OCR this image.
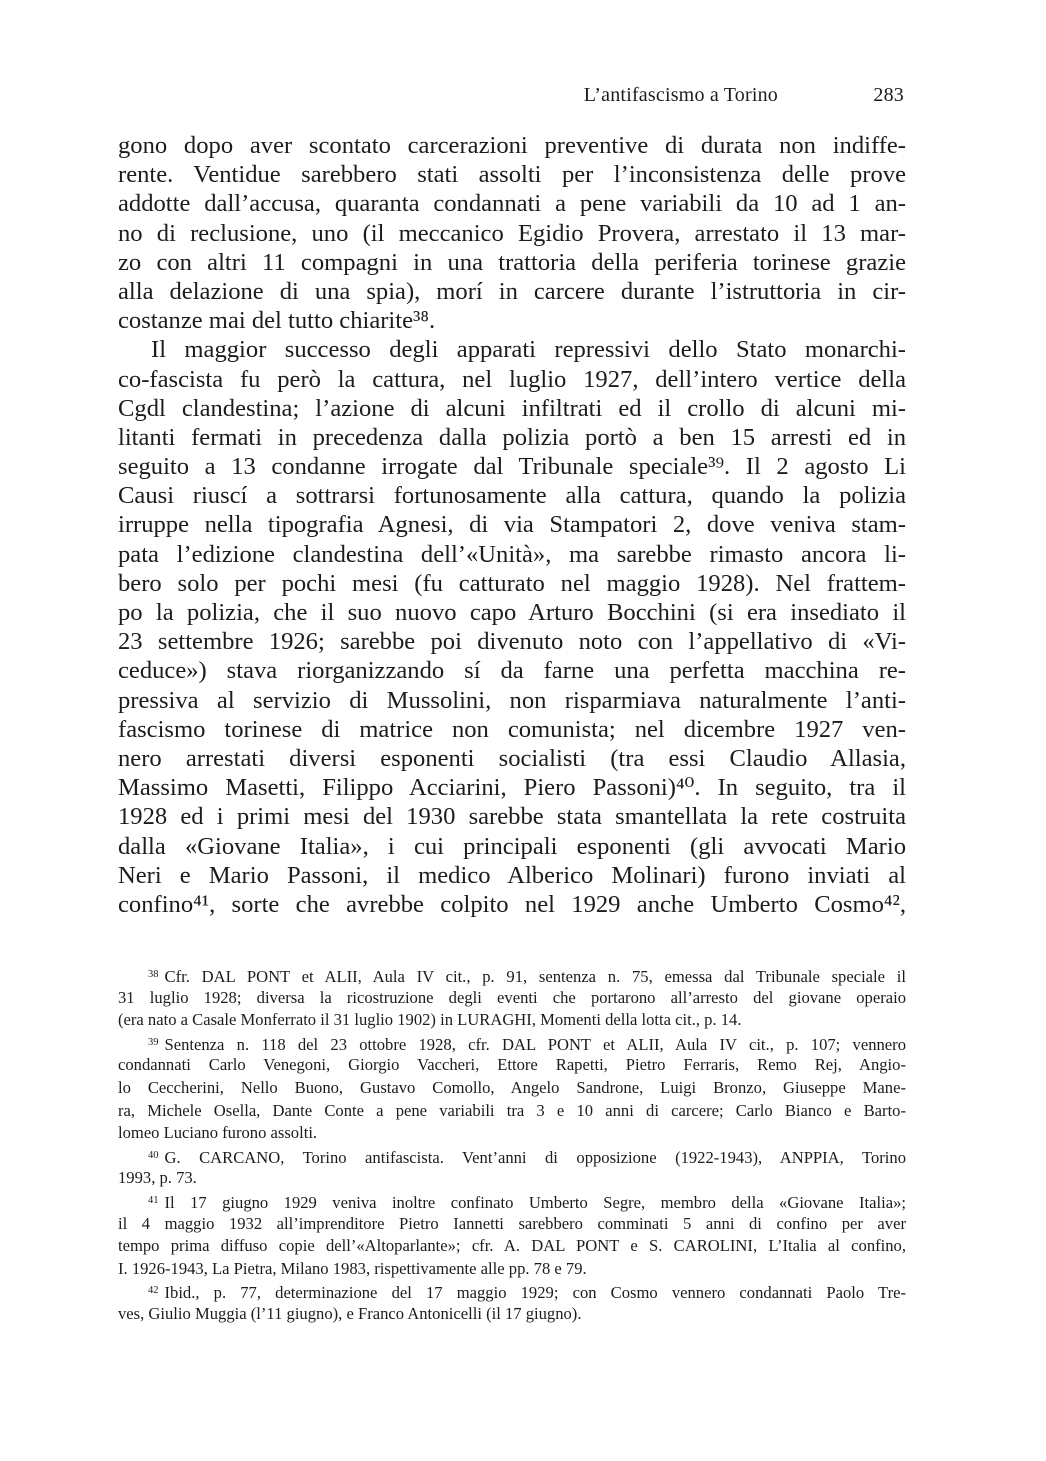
L’antifascismo a Torino	283
gono dopo aver scontato carcerazioni preventive di durata non indiffe-
rente. Ventidue sarebbero stati assolti per l’inconsistenza delle prove
addotte dall’accusa, quaranta condannati a pene variabili da 10 ad 1 an-
no di reclusione, uno (il meccanico Egidio Provera, arrestato il 13 mar-
zo con altri 11 compagni in una trattoria della periferia torinese grazie
alla delazione di una spia), morí in carcere durante l’istruttoria in cir-
costanze mai del tutto chiarite³⁸.
Il maggior successo degli apparati repressivi dello Stato monarchi-
co-fascista fu però la cattura, nel luglio 1927, dell’intero vertice della
Cgdl clandestina; l’azione di alcuni infiltrati ed il crollo di alcuni mi-
litanti fermati in precedenza dalla polizia portò a ben 15 arresti ed in
seguito a 13 condanne irrogate dal Tribunale speciale³⁹. Il 2 agosto Li
Causi riuscí a sottrarsi fortunosamente alla cattura, quando la polizia
irruppe nella tipografia Agnesi, di via Stampatori 2, dove veniva stam-
pata l’edizione clandestina dell’«Unità», ma sarebbe rimasto ancora li-
bero solo per pochi mesi (fu catturato nel maggio 1928). Nel frattem-
po la polizia, che il suo nuovo capo Arturo Bocchini (si era insediato il
23 settembre 1926; sarebbe poi divenuto noto con l’appellativo di «Vi-
ceduce») stava riorganizzando sí da farne una perfetta macchina re-
pressiva al servizio di Mussolini, non risparmiava naturalmente l’anti-
fascismo torinese di matrice non comunista; nel dicembre 1927 ven-
nero arrestati diversi esponenti socialisti (tra essi Claudio Allasia,
Massimo Masetti, Filippo Acciarini, Piero Passoni)⁴⁰. In seguito, tra il
1928 ed i primi mesi del 1930 sarebbe stata smantellata la rete costruita
dalla «Giovane Italia», i cui principali esponenti (gli avvocati Mario
Neri e Mario Passoni, il medico Alberico Molinari) furono inviati al
confino⁴¹, sorte che avrebbe colpito nel 1929 anche Umberto Cosmo⁴²,
$^{38}$ Cfr. DAL PONT et ALII, Aula IV cit., p. 91, sentenza n. 75, emessa dal Tribunale speciale il
31 luglio 1928; diversa la ricostruzione degli eventi che portarono all’arresto del giovane operaio
(era nato a Casale Monferrato il 31 luglio 1902) in LURAGHI, Momenti della lotta cit., p. 14.
$^{39}$ Sentenza n. 118 del 23 ottobre 1928, cfr. DAL PONT et ALII, Aula IV cit., p. 107; vennero
condannati Carlo Venegoni, Giorgio Vaccheri, Ettore Rapetti, Pietro Ferraris, Remo Rej, Angio-
lo Ceccherini, Nello Buono, Gustavo Comollo, Angelo Sandrone, Luigi Bronzo, Giuseppe Mane-
ra, Michele Osella, Dante Conte a pene variabili tra 3 e 10 anni di carcere; Carlo Bianco e Barto-
lomeo Luciano furono assolti.
$^{40}$ G. CARCANO, Torino antifascista. Vent’anni di opposizione (1922-1943), ANPPIA, Torino
1993, p. 73.
$^{41}$ Il 17 giugno 1929 veniva inoltre confinato Umberto Segre, membro della «Giovane Italia»;
il 4 maggio 1932 all’imprenditore Pietro Iannetti sarebbero comminati 5 anni di confino per aver
tempo prima diffuso copie dell’«Altoparlante»; cfr. A. DAL PONT e S. CAROLINI, L’Italia al confino,
I. 1926-1943, La Pietra, Milano 1983, rispettivamente alle pp. 78 e 79.
$^{42}$ Ibid., p. 77, determinazione del 17 maggio 1929; con Cosmo vennero condannati Paolo Tre-
ves, Giulio Muggia (l’11 giugno), e Franco Antonicelli (il 17 giugno).
